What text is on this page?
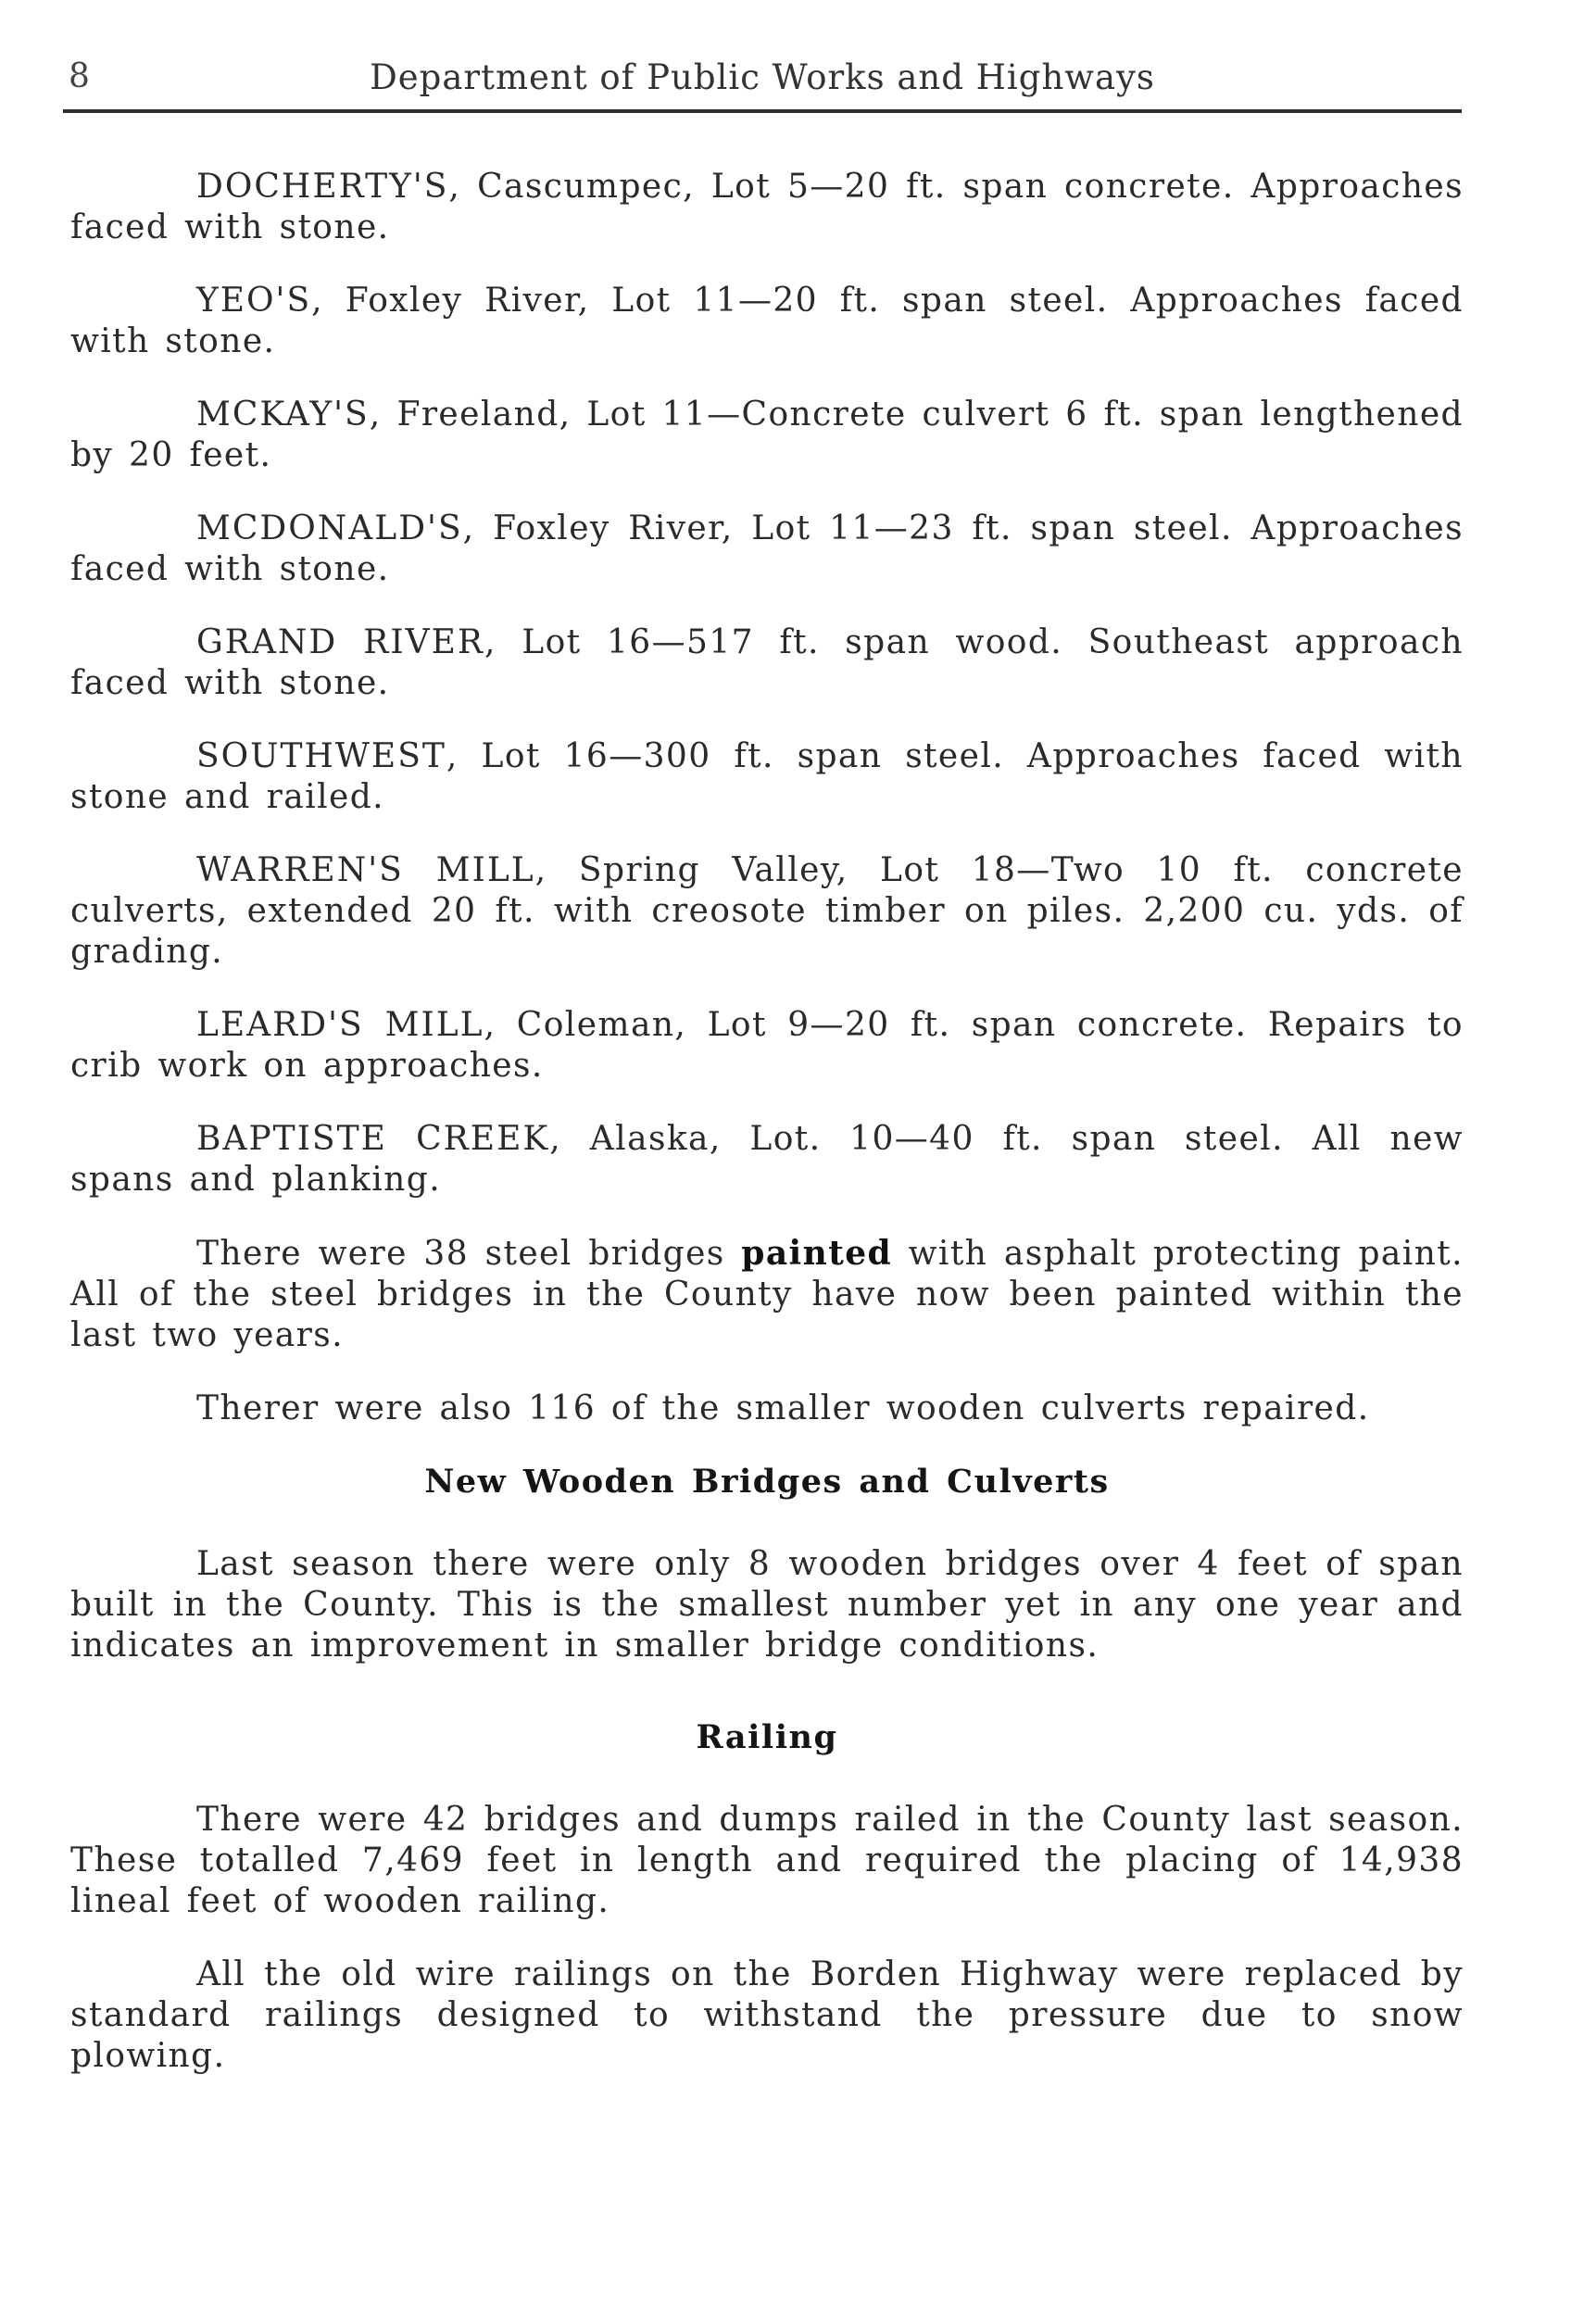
8	Department of Public Works and Highways

DOCHERTY'S, Cascumpec, Lot 5—20 ft. span concrete. Approaches faced with stone.

YEO'S, Foxley River, Lot 11—20 ft. span steel. Approaches faced with stone.

MCKAY'S, Freeland, Lot 11—Concrete culvert 6 ft. span lengthened by 20 feet.

MCDONALD'S, Foxley River, Lot 11—23 ft. span steel. Approaches faced with stone.

GRAND RIVER, Lot 16—517 ft. span wood. Southeast approach faced with stone.

SOUTHWEST, Lot 16—300 ft. span steel. Approaches faced with stone and railed.

WARREN'S MILL, Spring Valley, Lot 18—Two 10 ft. concrete culverts, extended 20 ft. with creosote timber on piles. 2,200 cu. yds. of grading.

LEARD'S MILL, Coleman, Lot 9—20 ft. span concrete. Repairs to crib work on approaches.

BAPTISTE CREEK, Alaska, Lot. 10—40 ft. span steel. All new spans and planking.

There were 38 steel bridges painted with asphalt protecting paint. All of the steel bridges in the County have now been painted within the last two years.

Therer were also 116 of the smaller wooden culverts repaired.

New Wooden Bridges and Culverts

Last season there were only 8 wooden bridges over 4 feet of span built in the County. This is the smallest number yet in any one year and indicates an improvement in smaller bridge conditions.

Railing

There were 42 bridges and dumps railed in the County last season. These totalled 7,469 feet in length and required the placing of 14,938 lineal feet of wooden railing.

All the old wire railings on the Borden Highway were replaced by standard railings designed to withstand the pressure due to snow plowing.
